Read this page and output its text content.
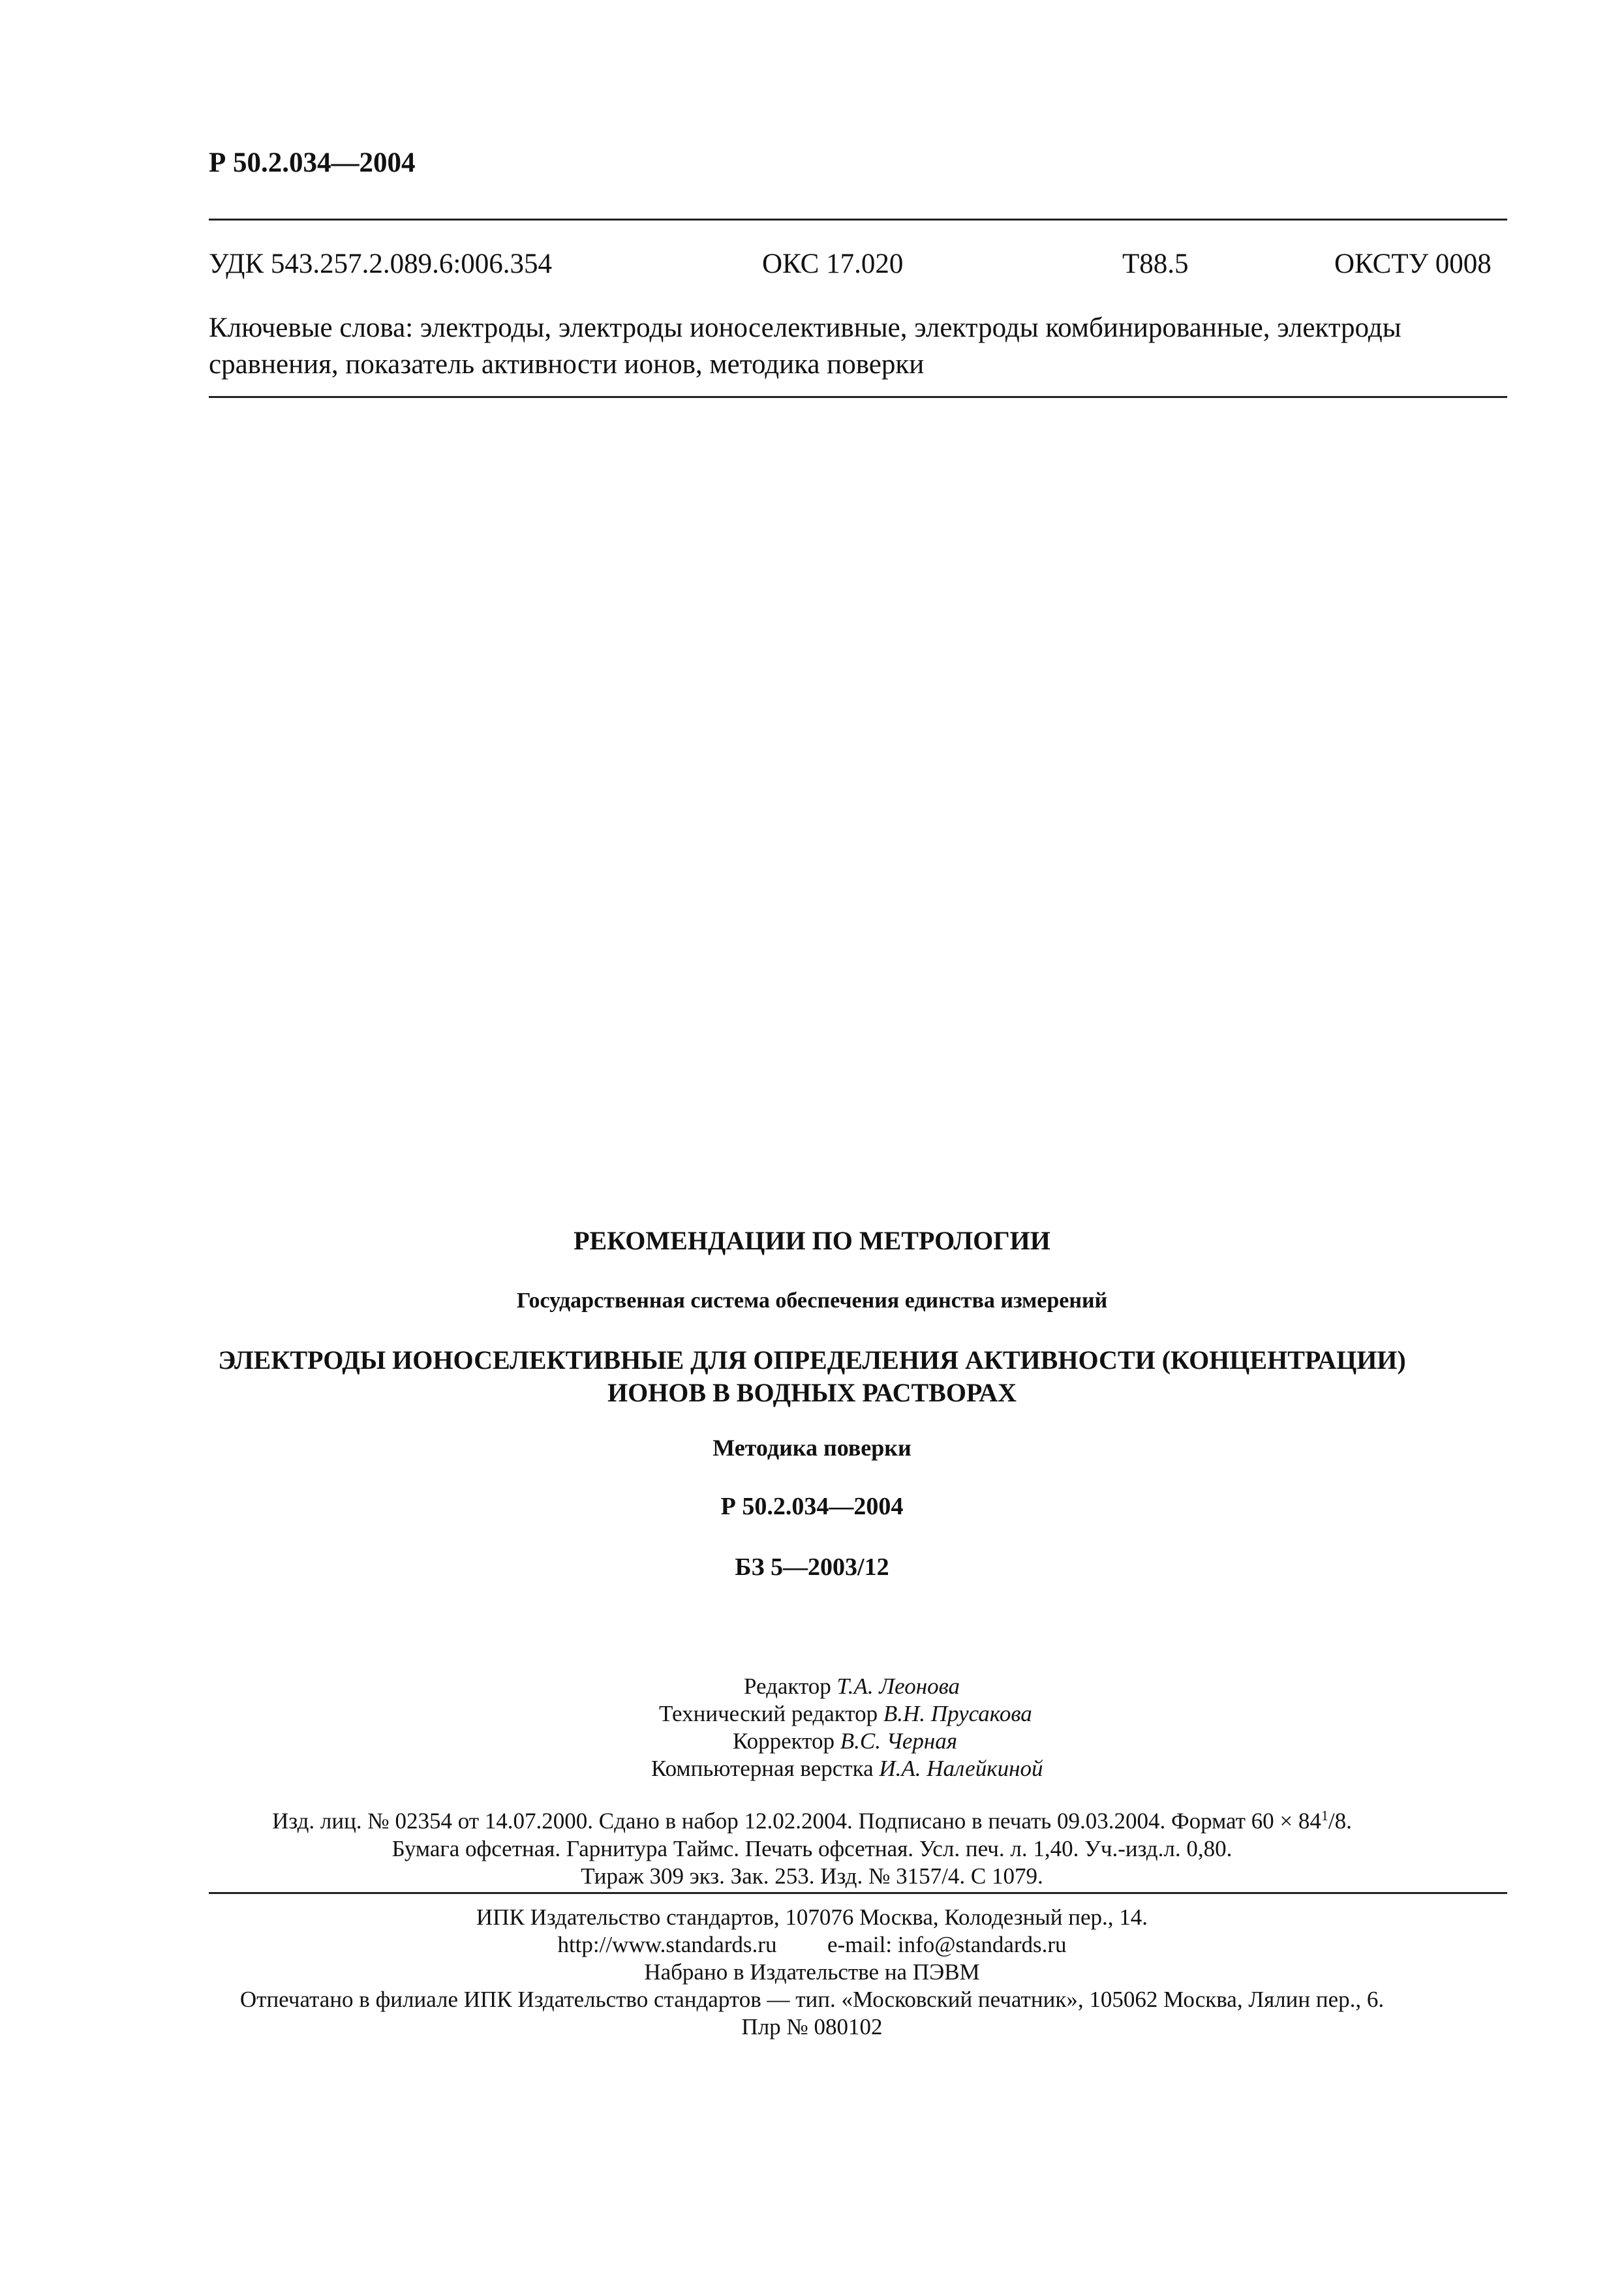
Р 50.2.034—2004
УДК 543.257.2.089.6:006.354	ОКС 17.020	Т88.5	ОКСТУ 0008
Ключевые слова: электроды, электроды ионоселективные, электроды комбинированные, электроды
сравнения, показатель активности ионов, методика поверки
РЕКОМЕНДАЦИИ ПО МЕТРОЛОГИИ
Государственная система обеспечения единства измерений
ЭЛЕКТРОДЫ ИОНОСЕЛЕКТИВНЫЕ ДЛЯ ОПРЕДЕЛЕНИЯ АКТИВНОСТИ (КОНЦЕНТРАЦИИ)
ИОНОВ В ВОДНЫХ РАСТВОРАХ
Методика поверки
Р 50.2.034—2004
БЗ 5—2003/12
Редактор Т.А. Леонова
Технический редактор В.Н. Прусакова
Корректор В.С. Черная
Компьютерная верстка И.А. Налейкиной
Изд. лиц. № 02354 от 14.07.2000. Сдано в набор 12.02.2004. Подписано в печать 09.03.2004. Формат $60 \times 84^1/8$.
Бумага офсетная. Гарнитура Таймс. Печать офсетная. Усл. печ. л. 1,40. Уч.-изд.л. 0,80.
Тираж 309 экз. Зак. 253. Изд. № 3157/4. С 1079.
ИПК Издательство стандартов, 107076 Москва, Колодезный пер., 14.
http://www.standards.ru e-mail: info@standards.ru
Набрано в Издательстве на ПЭВМ
Отпечатано в филиале ИПК Издательство стандартов — тип. «Московский печатник», 105062 Москва, Лялин пер., 6.
Плр № 080102
